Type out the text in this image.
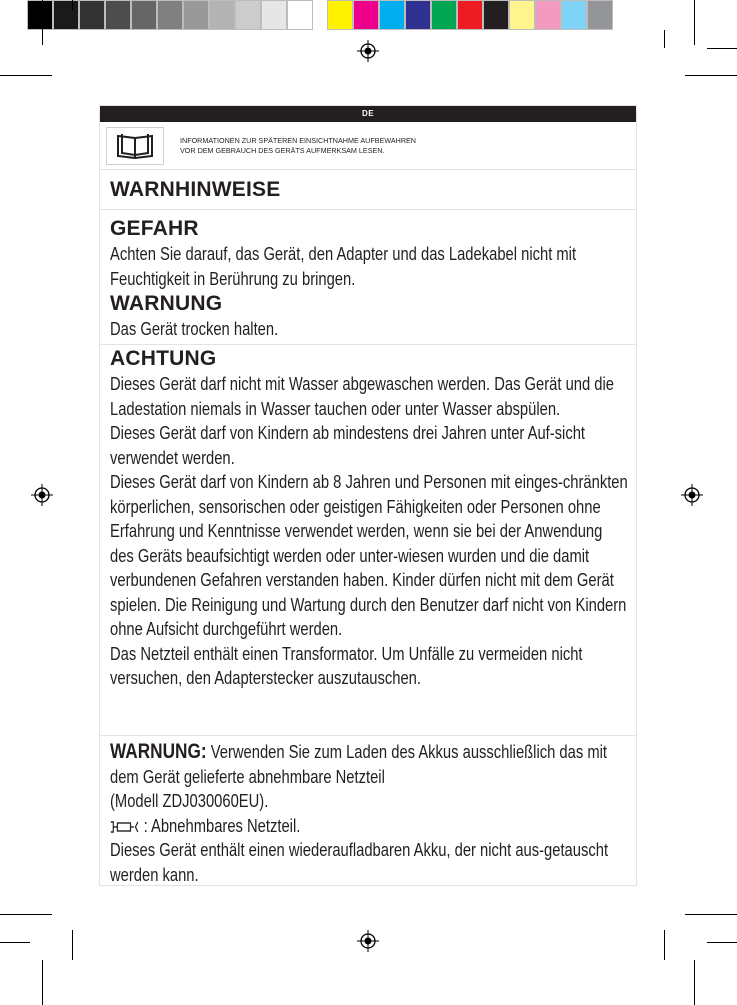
DE
INFORMATIONEN ZUR SPÄTEREN EINSICHTNAHME AUFBEWAHREN
VOR DEM GEBRAUCH DES GERÄTS AUFMERKSAM LESEN.
WARNHINWEISE
GEFAHR

Achten Sie darauf, das Gerät, den Adapter und das Ladekabel nicht mit Feuchtigkeit in Berührung zu bringen.

WARNUNG

Das Gerät trocken halten.

ACHTUNG

Dieses Gerät darf nicht mit Wasser abgewaschen werden. Das Gerät und die Ladestation niemals in Wasser tauchen oder unter Wasser abspülen.

Dieses Gerät darf von Kindern ab mindestens drei Jahren unter Auf-sicht verwendet werden.

Dieses Gerät darf von Kindern ab 8 Jahren und Personen mit einges-chränkten körperlichen, sensorischen oder geistigen Fähigkeiten oder Personen ohne Erfahrung und Kenntnisse verwendet werden, wenn sie bei der Anwendung des Geräts beaufsichtigt werden oder unter-wiesen wurden und die damit verbundenen Gefahren verstanden haben. Kinder dürfen nicht mit dem Gerät spielen. Die Reinigung und Wartung durch den Benutzer darf nicht von Kindern ohne Aufsicht durchgeführt werden.

Das Netzteil enthält einen Transformator. Um Unfälle zu vermeiden nicht versuchen, den Adapterstecker auszutauschen.

WARNUNG: Verwenden Sie zum Laden des Akkus ausschließlich das mit dem Gerät gelieferte abnehmbare Netzteil

(Modell ZDJ030060EU).

: Abnehmbares Netzteil.

Dieses Gerät enthält einen wiederaufladbaren Akku, der nicht aus-getauscht werden kann.
